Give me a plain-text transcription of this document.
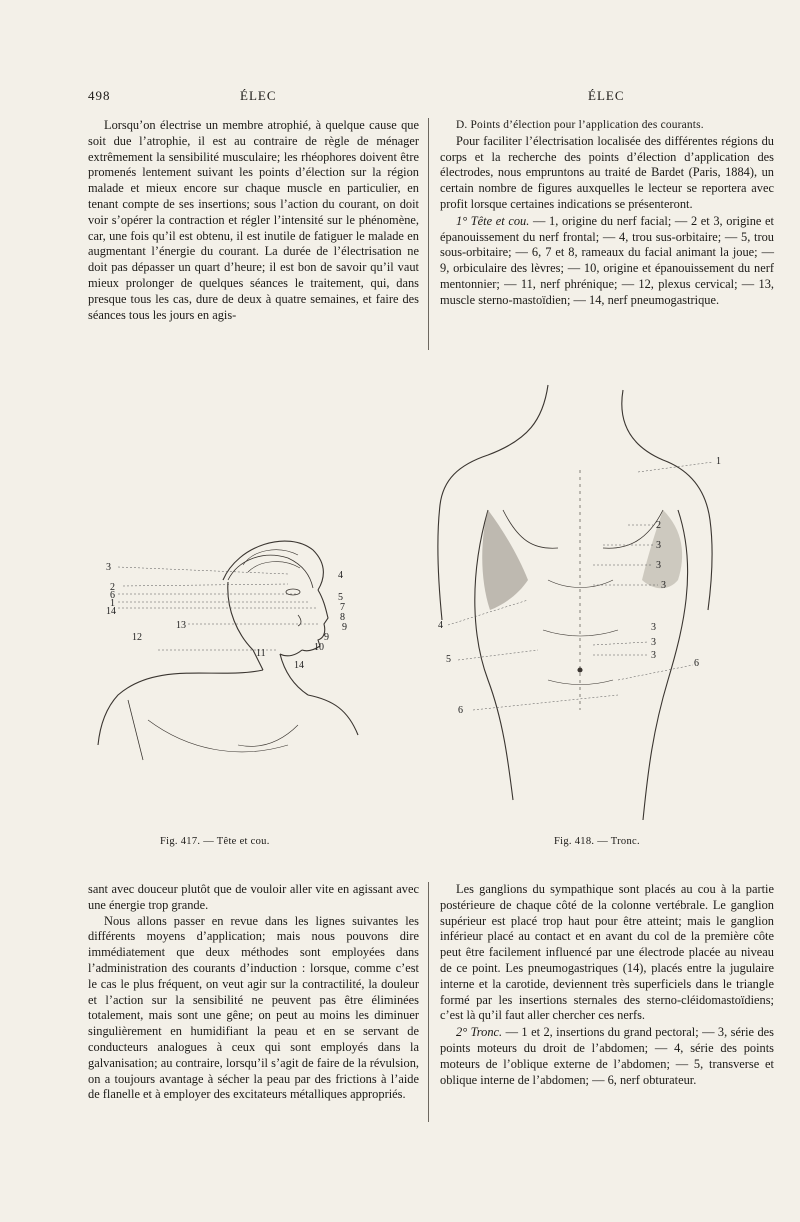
498	ÉLEC	ÉLEC

Lorsqu’on électrise un membre atrophié, à quelque cause que soit due l’atrophie, il est au contraire de règle de ménager extrêmement la sensibilité musculaire; les rhéophores doivent être promenés lentement suivant les points d’élection sur la région malade et mieux encore sur chaque muscle en particulier, en tenant compte de ses insertions; sous l’action du courant, on doit voir s’opérer la contraction et régler l’intensité sur le phénomène, car, une fois qu’il est obtenu, il est inutile de fatiguer le malade en augmentant l’énergie du courant. La durée de l’électrisation ne doit pas dépasser un quart d’heure; il est bon de savoir qu’il vaut mieux prolonger de quelques séances le traitement, qui, dans presque tous les cas, dure de deux à quatre semaines, et faire des séances tous les jours en agis-

D. Points d’élection pour l’application des courants.

Pour faciliter l’électrisation localisée des différentes régions du corps et la recherche des points d’élection d’application des électrodes, nous empruntons au traité de Bardet (Paris, 1884), un certain nombre de figures auxquelles le lecteur se reportera avec profit lorsque certaines indications se présenteront.

1° Tête et cou. — 1, origine du nerf facial; — 2 et 3, origine et épanouissement du nerf frontal; — 4, trou sus-orbitaire; — 5, trou sous-orbitaire; — 6, 7 et 8, rameaux du facial animant la joue; — 9, orbiculaire des lèvres; — 10, origine et épanouissement du nerf mentonnier; — 11, nerf phrénique; — 12, plexus cervical; — 13, muscle sterno-mastoïdien; — 14, nerf pneumogastrique.

3
4
2
6
1
14
5
7
8
9
9
13
12
10
11
14
Fig. 417. — Tête et cou.
1
2
3
3
3
3
4
3
3
5	6
6
Fig. 418. — Tronc.

sant avec douceur plutôt que de vouloir aller vite en agissant avec une énergie trop grande.

Nous allons passer en revue dans les lignes suivantes les différents moyens d’application; mais nous pouvons dire immédiatement que deux méthodes sont employées dans l’administration des courants d’induction : lorsque, comme c’est le cas le plus fréquent, on veut agir sur la contractilité, la douleur et l’action sur la sensibilité ne peuvent pas être éliminées totalement, mais sont une gêne; on peut au moins les diminuer singulièrement en humidifiant la peau et en se servant de conducteurs analogues à ceux qui sont employés dans la galvanisation; au contraire, lorsqu’il s’agit de faire de la révulsion, on a toujours avantage à sécher la peau par des frictions à l’aide de flanelle et à employer des excitateurs métalliques appropriés.

Les ganglions du sympathique sont placés au cou à la partie postérieure de chaque côté de la colonne vertébrale. Le ganglion supérieur est placé trop haut pour être atteint; mais le ganglion inférieur placé au contact et en avant du col de la première côte peut être facilement influencé par une électrode placée au niveau de ce point. Les pneumogastriques (14), placés entre la jugulaire interne et la carotide, deviennent très superficiels dans le triangle formé par les insertions sternales des sterno-cléidomastoïdiens; c’est là qu’il faut aller chercher ces nerfs.

2° Tronc. — 1 et 2, insertions du grand pectoral; — 3, série des points moteurs du droit de l’abdomen; — 4, série des points moteurs de l’oblique externe de l’abdomen; — 5, transverse et oblique interne de l’abdomen; — 6, nerf obturateur.
